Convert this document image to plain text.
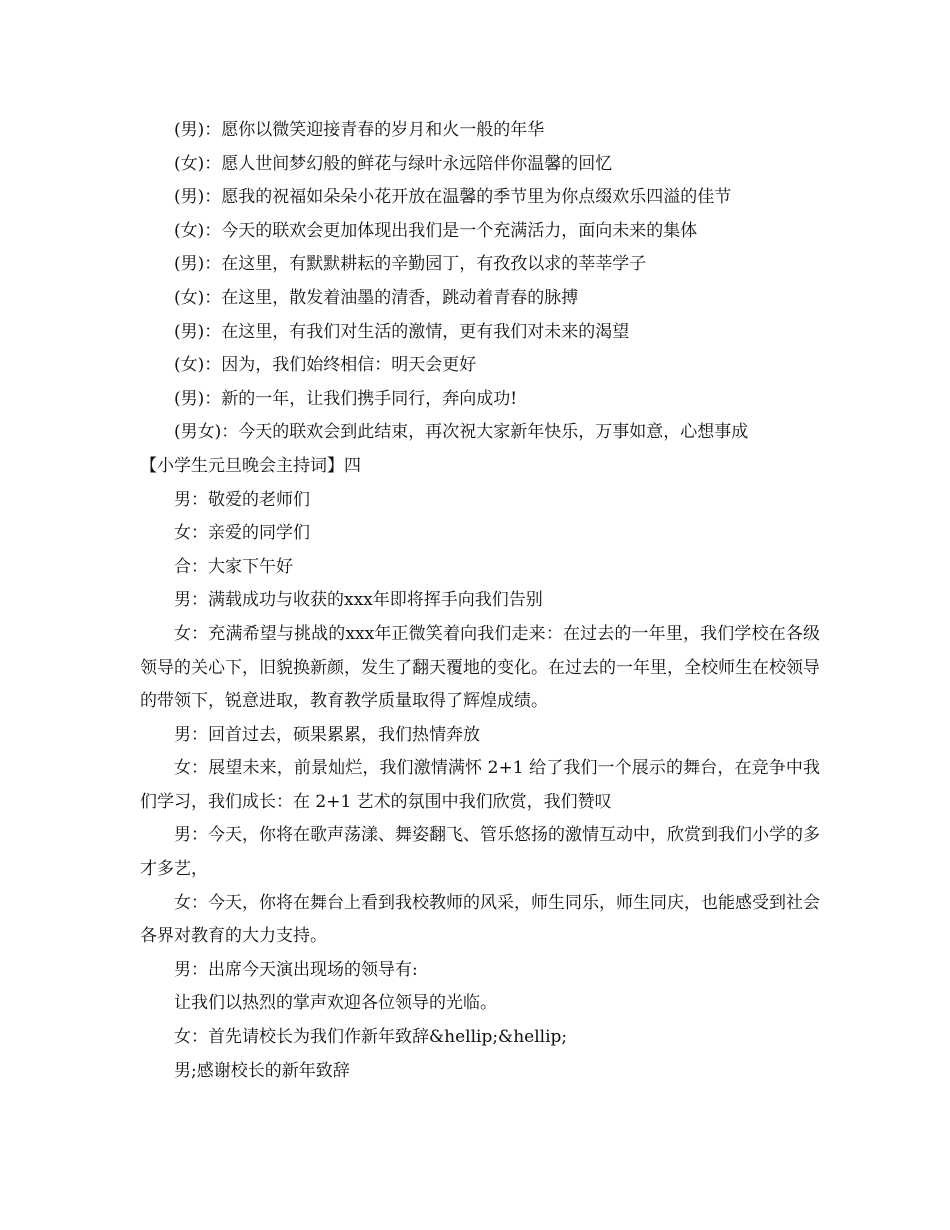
(男)：愿你以微笑迎接青春的岁月和火一般的年华

(女)：愿人世间梦幻般的鲜花与绿叶永远陪伴你温馨的回忆

(男)：愿我的祝福如朵朵小花开放在温馨的季节里为你点缀欢乐四溢的佳节

(女)：今天的联欢会更加体现出我们是一个充满活力，面向未来的集体

(男)：在这里，有默默耕耘的辛勤园丁，有孜孜以求的莘莘学子

(女)：在这里，散发着油墨的清香，跳动着青春的脉搏

(男)：在这里，有我们对生活的激情，更有我们对未来的渴望

(女)：因为，我们始终相信：明天会更好

(男)：新的一年，让我们携手同行，奔向成功!

(男女)：今天的联欢会到此结束，再次祝大家新年快乐，万事如意，心想事成

【小学生元旦晚会主持词】四

男：敬爱的老师们

女：亲爱的同学们

合：大家下午好

男：满载成功与收获的xxx年即将挥手向我们告别

女：充满希望与挑战的xxx年正微笑着向我们走来：在过去的一年里，我们学校在各级领导的关心下，旧貌换新颜，发生了翻天覆地的变化。在过去的一年里，全校师生在校领导的带领下，锐意进取，教育教学质量取得了辉煌成绩。

男：回首过去，硕果累累，我们热情奔放

女：展望未来，前景灿烂，我们激情满怀 2+1 给了我们一个展示的舞台，在竞争中我们学习，我们成长：在 2+1 艺术的氛围中我们欣赏，我们赞叹

男：今天，你将在歌声荡漾、舞姿翻飞、管乐悠扬的激情互动中，欣赏到我们小学的多才多艺，

女：今天，你将在舞台上看到我校教师的风采，师生同乐，师生同庆，也能感受到社会各界对教育的大力支持。

男：出席今天演出现场的领导有:

让我们以热烈的掌声欢迎各位领导的光临。

女：首先请校长为我们作新年致辞&hellip;&hellip;

男;感谢校长的新年致辞
